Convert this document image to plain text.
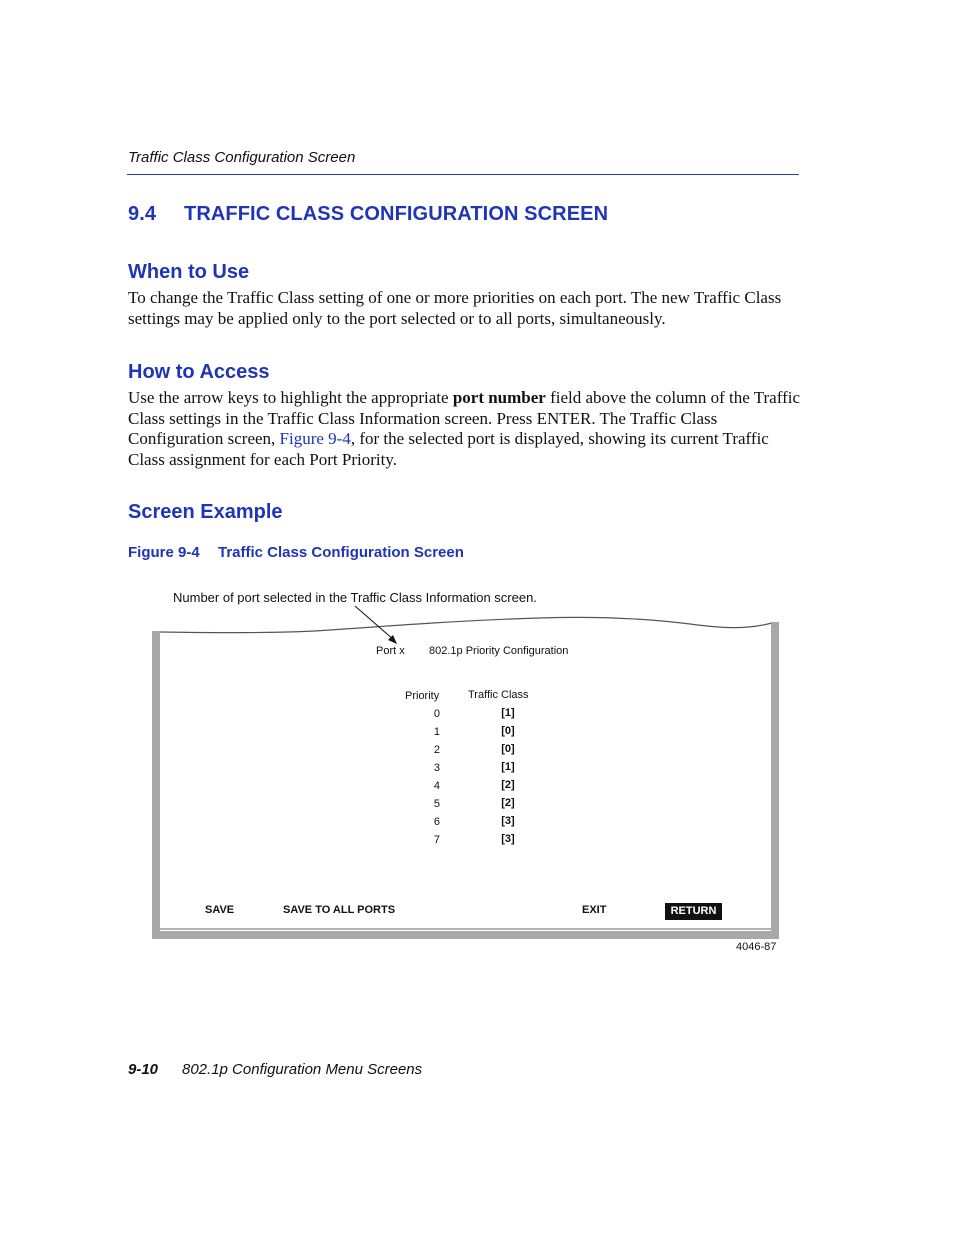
Traffic Class Configuration Screen
9.4 TRAFFIC CLASS CONFIGURATION SCREEN
When to Use
To change the Traffic Class setting of one or more priorities on each port. The new Traffic Class settings may be applied only to the port selected or to all ports, simultaneously.
How to Access
Use the arrow keys to highlight the appropriate port number field above the column of the Traffic Class settings in the Traffic Class Information screen. Press ENTER. The Traffic Class Configuration screen, Figure 9-4, for the selected port is displayed, showing its current Traffic Class assignment for each Port Priority.
Screen Example
Figure 9-4 Traffic Class Configuration Screen
Number of port selected in the Traffic Class Information screen.
Port x 802.1p Priority Configuration
Priority	Traffic Class
0	[1]
1	[0]
2	[0]
3	[1]
4	[2]
5	[2]
6	[3]
7	[3]
SAVE	SAVE TO ALL PORTS	EXIT	RETURN
4046-87
9-10 802.1p Configuration Menu Screens
